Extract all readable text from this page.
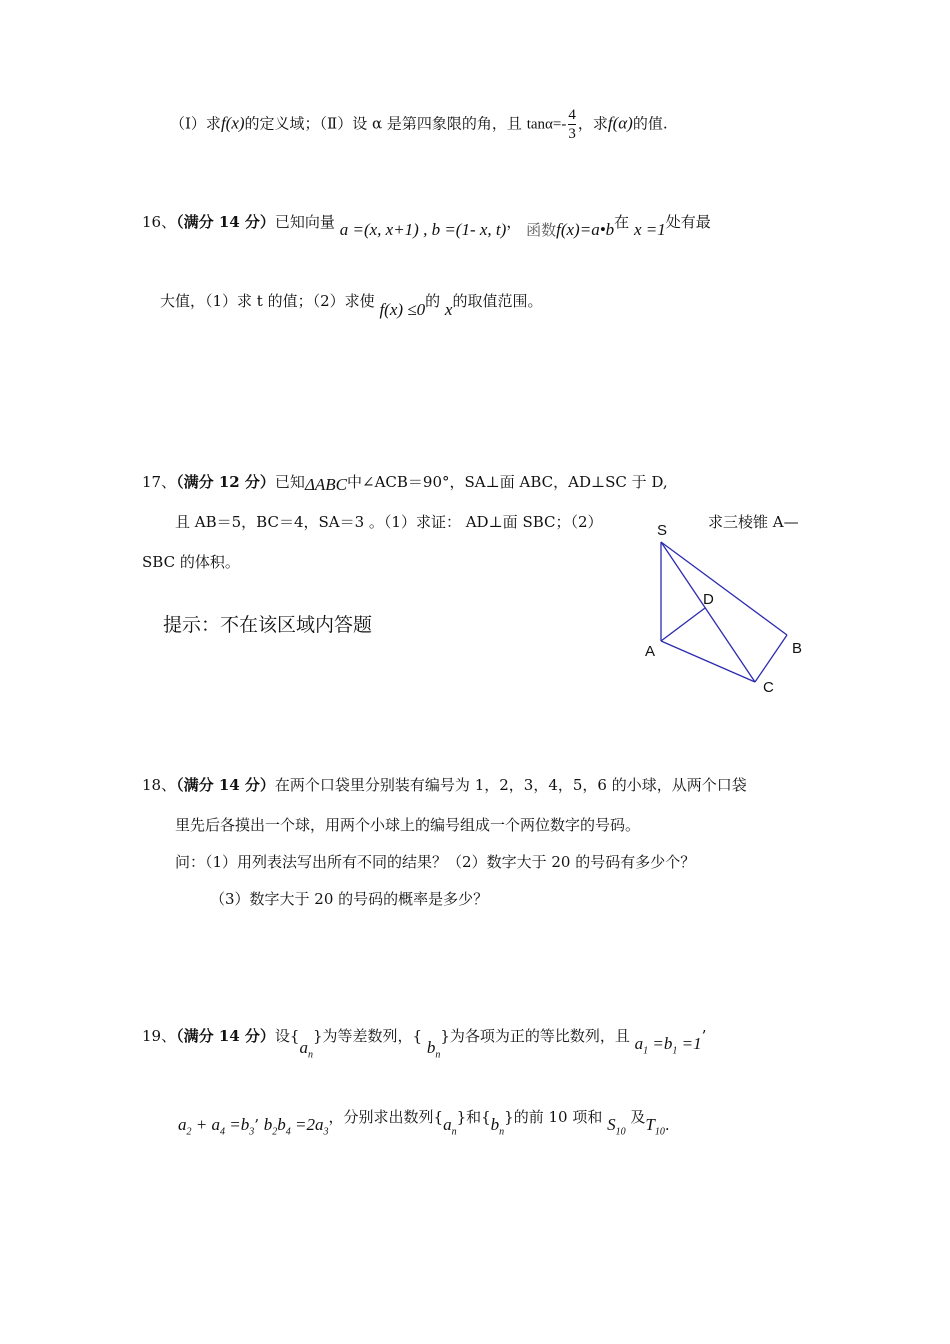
（Ⅰ）求f(x)的定义域；（Ⅱ）设 α 是第四象限的角，且 $\tan\alpha=- \frac{4}{3}$ ，求f(α)的值.
16、（满分 14 分）已知向量 a =(x, x+1) , b =(1- x, t)， 函数f(x)=a•b在 x =1处有最
大值，（1）求 t 的值；（2）求使 f(x) ≤0的 x的取值范围。
17、（满分 12 分）已知ΔABC中∠ACB＝90°，SA⊥面 ABC，AD⊥SC 于 D,
且 AB＝5，BC＝4，SA＝3 。（1）求证： AD⊥面 SBC；（2）	求三棱锥 A—
SBC 的体积。
提示：不在该区域内答题
S
D
A	B
C
18、（满分 14 分）在两个口袋里分别装有编号为 1，2，3，4，5，6 的小球，从两个口袋
里先后各摸出一个球，用两个小球上的编号组成一个两位数字的号码。
问：（1）用列表法写出所有不同的结果？（2）数字大于 20 的号码有多少个？
（3）数字大于 20 的号码的概率是多少？
19、（满分 14 分）设$\{a_n\}$为等差数列，{ $b_n$}为各项为正的等比数列，且 $a_1 =b_1 =1$’
$a_2 + a_4 =b_3$’ $b_2b_4 =2a_3$，分别求出数列$\{a_n\}$和$\{b_n\}$的前 10 项和 $S_{10}$ 及$T_{10}$.
